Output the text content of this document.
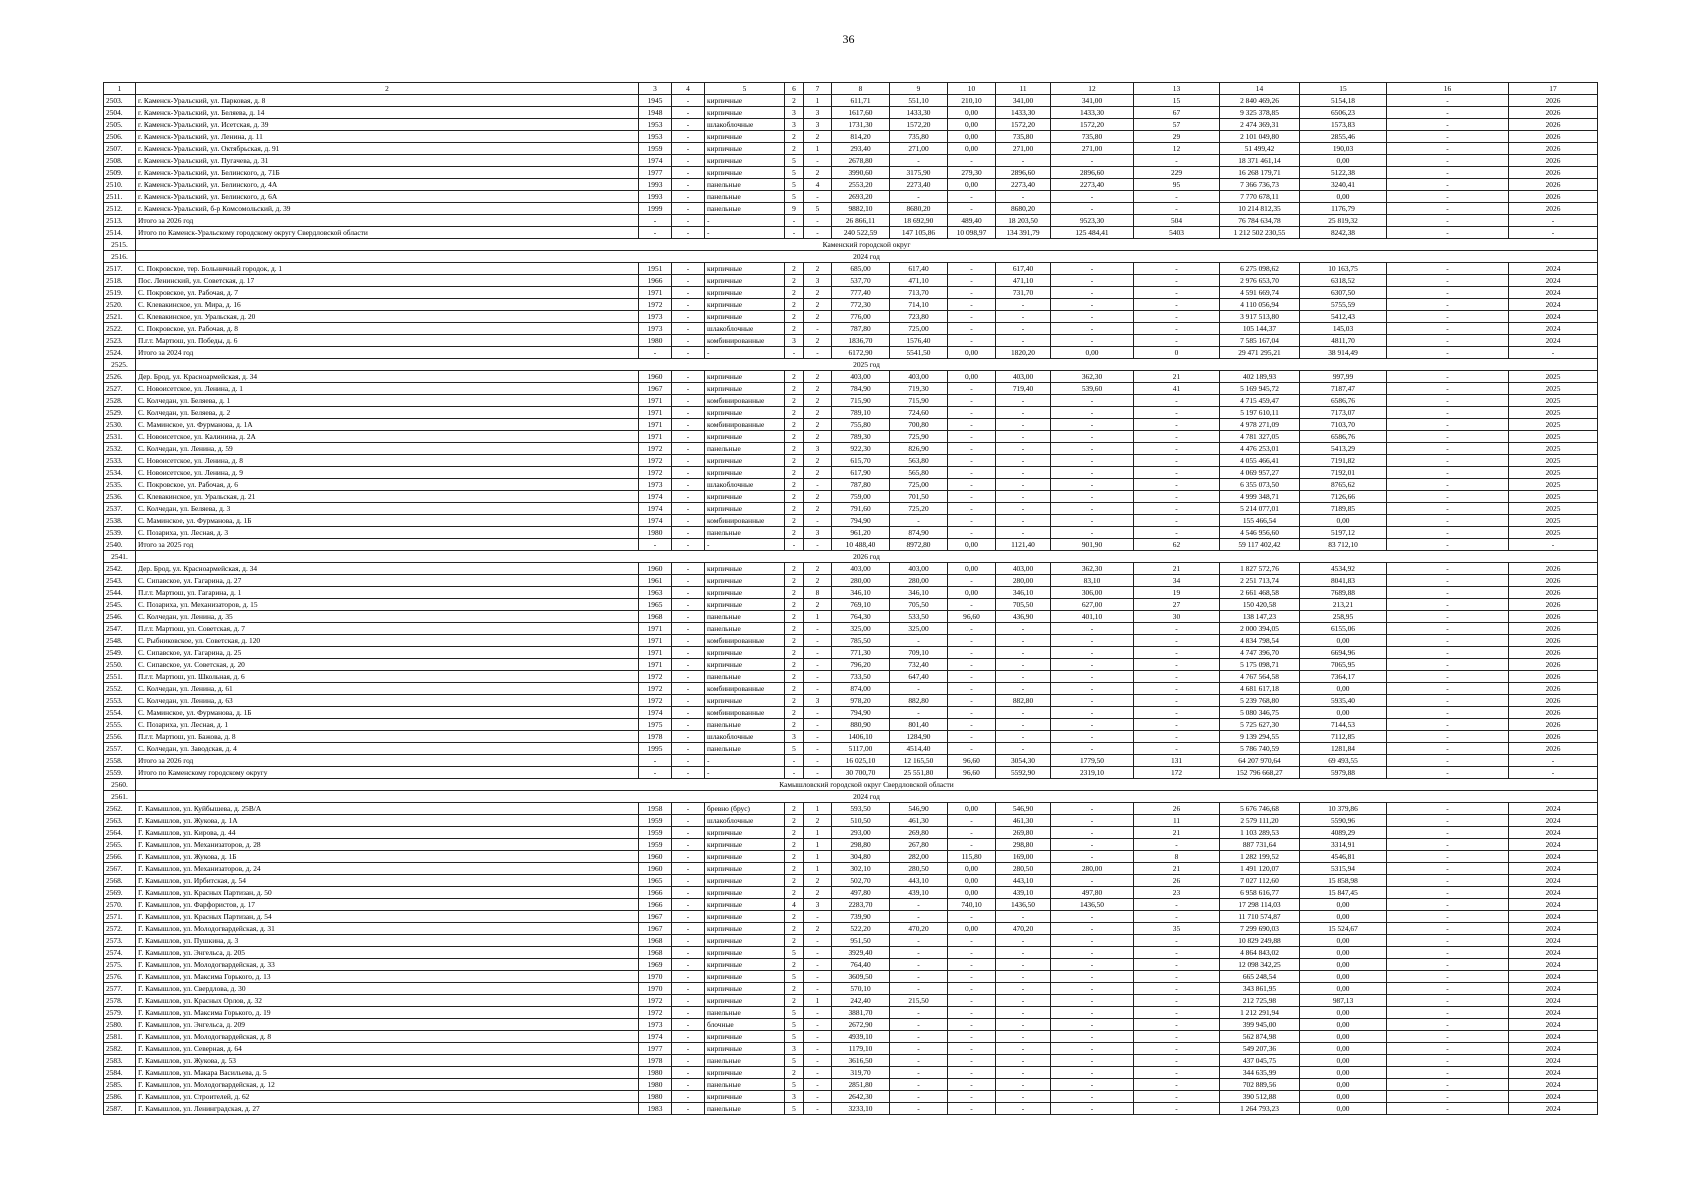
36
1	2	3	4	5	6	7	8	9	10	11	12	13	14	15	16	17
2503.	г. Каменск-Уральский, ул. Парковая, д. 8	1945	-	кирпичные	2	1	611,71	551,10	210,10	341,00	341,00	15	2 840 469,26	5154,18	-	2026
2504.	г. Каменск-Уральский, ул. Беляева, д. 14	1948	-	кирпичные	3	3	1617,60	1433,30	0,00	1433,30	1433,30	67	9 325 378,85	6506,23	-	2026
2505.	г. Каменск-Уральский, ул. Исетская, д. 39	1953	-	шлакоблочные	3	3	1731,30	1572,20	0,00	1572,20	1572,20	57	2 474 369,31	1573,83	-	2026
2506.	г. Каменск-Уральский, ул. Ленина, д. 11	1953	-	кирпичные	2	2	814,20	735,80	0,00	735,80	735,80	29	2 101 049,80	2855,46	-	2026
2507.	г. Каменск-Уральский, ул. Октябрьская, д. 91	1959	-	кирпичные	2	1	293,40	271,00	0,00	271,00	271,00	12	51 499,42	190,03	-	2026
2508.	г. Каменск-Уральский, ул. Пугачева, д. 31	1974	-	кирпичные	5	-	2678,80	-	-	-	-	-	18 371 461,14	0,00	-	2026
2509.	г. Каменск-Уральский, ул. Белинского, д. 71Б	1977	-	кирпичные	5	2	3990,60	3175,90	279,30	2896,60	2896,60	229	16 268 179,71	5122,38	-	2026
2510.	г. Каменск-Уральский, ул. Белинского, д. 4А	1993	-	панельные	5	4	2553,20	2273,40	0,00	2273,40	2273,40	95	7 366 736,73	3240,41	-	2026
2511.	г. Каменск-Уральский, ул. Белинского, д. 6А	1993	-	панельные	5	-	2693,20	-	-	-	-	-	7 770 678,11	0,00	-	2026
2512.	г. Каменск-Уральский, б-р Комсомольский, д. 39	1999	-	панельные	9	5	9882,10	8680,20	-	8680,20	-	-	10 214 812,35	1176,79	-	2026
2513.	Итого за 2026 год	-	-	-	-	-	26 866,11	18 692,90	489,40	18 203,50	9523,30	504	76 784 634,78	25 819,32	-	-
2514.	Итого по Каменск-Уральскому городскому округу Свердловской области	-	-	-	-	-	240 522,59	147 105,86	10 098,97	134 391,79	125 484,41	5403	1 212 502 230,55	8242,38	-	-
2515.	Каменский городской округ															
2516.	2024 год															
2517.	С. Покровское, тер. Больничный городок, д. 1	1951	-	кирпичные	2	2	685,00	617,40	-	617,40	-	-	6 275 098,62	10 163,75	-	2024
2518.	Пос. Ленинский, ул. Советская, д. 17	1966	-	кирпичные	2	3	537,70	471,10	-	471,10	-	-	2 976 653,70	6318,52	-	2024
2519.	С. Покровское, ул. Рабочая, д. 7	1971	-	кирпичные	2	2	777,40	713,70	-	731,70	-	-	4 591 669,74	6307,50	-	2024
2520.	С. Клевакинское, ул. Мира, д. 16	1972	-	кирпичные	2	2	772,30	714,10	-	-	-	-	4 110 056,94	5755,59	-	2024
2521.	С. Клевакинское, ул. Уральская, д. 20	1973	-	кирпичные	2	2	776,00	723,80	-	-	-	-	3 917 513,80	5412,43	-	2024
2522.	С. Покровское, ул. Рабочая, д. 8	1973	-	шлакоблочные	2	-	787,80	725,00	-	-	-	-	105 144,37	145,03	-	2024
2523.	П.г.т. Мартюш, ул. Победы, д. 6	1980	-	комбинированные	3	2	1836,70	1576,40	-	-	-	-	7 585 167,04	4811,70	-	2024
2524.	Итого за 2024 год	-	-	-	-	-	6172,90	5541,50	0,00	1820,20	0,00	0	29 471 295,21	38 914,49	-	-
2525.	2025 год															
2526.	Дер. Брод, ул. Красноармейская, д. 34	1960	-	кирпичные	2	2	403,00	403,00	0,00	403,00	362,30	21	402 189,93	997,99	-	2025
2527.	С. Новоисетское, ул. Ленина, д. 1	1967	-	кирпичные	2	2	784,90	719,30	-	719,40	539,60	41	5 169 945,72	7187,47	-	2025
2528.	С. Колчедан, ул. Беляева, д. 1	1971	-	комбинированные	2	2	715,90	715,90	-	-	-	-	4 715 459,47	6586,76	-	2025
2529.	С. Колчедан, ул. Беляева, д. 2	1971	-	кирпичные	2	2	789,10	724,60	-	-	-	-	5 197 610,11	7173,07	-	2025
2530.	С. Маминское, ул. Фурманова, д. 1А	1971	-	комбинированные	2	2	755,80	700,80	-	-	-	-	4 978 271,09	7103,70	-	2025
2531.	С. Новоисетское, ул. Калинина, д. 2А	1971	-	кирпичные	2	2	789,30	725,90	-	-	-	-	4 781 327,05	6586,76	-	2025
2532.	С. Колчедан, ул. Ленина, д. 59	1972	-	панельные	2	3	922,30	826,90	-	-	-	-	4 476 253,01	5413,29	-	2025
2533.	С. Новоисетское, ул. Ленина, д. 8	1972	-	кирпичные	2	2	615,70	563,80	-	-	-	-	4 055 466,41	7191,82	-	2025
2534.	С. Новоисетское, ул. Ленина, д. 9	1972	-	кирпичные	2	2	617,90	565,80	-	-	-	-	4 069 957,27	7192,01	-	2025
2535.	С. Покровское, ул. Рабочая, д. 6	1973	-	шлакоблочные	2	-	787,80	725,00	-	-	-	-	6 355 073,50	8765,62	-	2025
2536.	С. Клевакинское, ул. Уральская, д. 21	1974	-	кирпичные	2	2	759,00	701,50	-	-	-	-	4 999 348,71	7126,66	-	2025
2537.	С. Колчедан, ул. Беляева, д. 3	1974	-	кирпичные	2	2	791,60	725,20	-	-	-	-	5 214 077,01	7189,85	-	2025
2538.	С. Маминское, ул. Фурманова, д. 1Б	1974	-	комбинированные	2	-	794,90	-	-	-	-	-	155 466,54	0,00	-	2025
2539.	С. Позариха, ул. Лесная, д. 3	1980	-	панельные	2	3	961,20	874,90	-	-	-	-	4 546 956,60	5197,12	-	2025
2540.	Итого за 2025 год	-	-	-	-	-	10 488,40	8972,80	0,00	1121,40	901,90	62	59 117 402,42	83 712,10	-	-
2541.	2026 год															
2542.	Дер. Брод, ул. Красноармейская, д. 34	1960	-	кирпичные	2	2	403,00	403,00	0,00	403,00	362,30	21	1 827 572,76	4534,92	-	2026
2543.	С. Сипавское, ул. Гагарина, д. 27	1961	-	кирпичные	2	2	280,00	280,00	-	280,00	83,10	34	2 251 713,74	8041,83	-	2026
2544.	П.г.т. Мартюш, ул. Гагарина, д. 1	1963	-	кирпичные	2	8	346,10	346,10	0,00	346,10	306,00	19	2 661 468,58	7689,88	-	2026
2545.	С. Позариха, ул. Механизаторов, д. 15	1965	-	кирпичные	2	2	769,10	705,50	-	705,50	627,00	27	150 420,58	213,21	-	2026
2546.	С. Колчедан, ул. Ленина, д. 35	1968	-	панельные	2	1	764,30	533,50	96,60	436,90	401,10	30	138 147,23	258,95	-	2026
2547.	П.г.т. Мартюш, ул. Советская, д. 7	1971	-	панельные	2	-	325,00	325,00	-	-	-	-	2 000 394,05	6155,06	-	2026
2548.	С. Рыбниковское, ул. Советская, д. 120	1971	-	комбинированные	2	-	785,50	-	-	-	-	-	4 834 798,54	0,00	-	2026
2549.	С. Сипавское, ул. Гагарина, д. 25	1971	-	кирпичные	2	-	771,30	709,10	-	-	-	-	4 747 396,70	6694,96	-	2026
2550.	С. Сипавское, ул. Советская, д. 20	1971	-	кирпичные	2	-	796,20	732,40	-	-	-	-	5 175 098,71	7065,95	-	2026
2551.	П.г.т. Мартюш, ул. Школьная, д. 6	1972	-	панельные	2	-	733,50	647,40	-	-	-	-	4 767 564,58	7364,17	-	2026
2552.	С. Колчедан, ул. Ленина, д. 61	1972	-	комбинированные	2	-	874,00	-	-	-	-	-	4 681 617,18	0,00	-	2026
2553.	С. Колчедан, ул. Ленина, д. 63	1972	-	кирпичные	2	3	978,20	882,80	-	882,80	-	-	5 239 768,80	5935,40	-	2026
2554.	С. Маминское, ул. Фурманова, д. 1Б	1974	-	комбинированные	2	-	794,90	-	-	-	-	-	5 080 346,75	0,00	-	2026
2555.	С. Позариха, ул. Лесная, д. 1	1975	-	панельные	2	-	880,90	801,40	-	-	-	-	5 725 627,30	7144,53	-	2026
2556.	П.г.т. Мартюш, ул. Бажова, д. 8	1978	-	шлакоблочные	3	-	1406,10	1284,90	-	-	-	-	9 139 294,55	7112,85	-	2026
2557.	С. Колчедан, ул. Заводская, д. 4	1995	-	панельные	5	-	5117,00	4514,40	-	-	-	-	5 786 740,59	1281,84	-	2026
2558.	Итого за 2026 год	-	-	-	-	-	16 025,10	12 165,50	96,60	3054,30	1779,50	131	64 207 970,64	69 493,55	-	-
2559.	Итого по Каменскому городскому округу	-	-	-	-	-	30 700,70	25 551,80	96,60	5592,90	2319,10	172	152 796 668,27	5979,88	-	-
2560.	Камышловский городской округ Свердловской области															
2561.	2024 год															
2562.	Г. Камышлов, ул. Куйбышева, д. 25В/А	1958	-	бревно (брус)	2	1	593,50	546,90	0,00	546,90	-	26	5 676 746,68	10 379,86	-	2024
2563.	Г. Камышлов, ул. Жукова, д. 1А	1959	-	шлакоблочные	2	2	510,50	461,30	-	461,30	-	11	2 579 111,20	5590,96	-	2024
2564.	Г. Камышлов, ул. Кирова, д. 44	1959	-	кирпичные	2	1	293,00	269,80	-	269,80	-	21	1 103 289,53	4089,29	-	2024
2565.	Г. Камышлов, ул. Механизаторов, д. 28	1959	-	кирпичные	2	1	298,80	267,80	-	298,80	-	-	887 731,64	3314,91	-	2024
2566.	Г. Камышлов, ул. Жукова, д. 1Б	1960	-	кирпичные	2	1	304,80	282,00	115,80	169,00	-	8	1 282 199,52	4546,81	-	2024
2567.	Г. Камышлов, ул. Механизаторов, д. 24	1960	-	кирпичные	2	1	302,10	280,50	0,00	280,50	280,00	21	1 491 120,07	5315,94	-	2024
2568.	Г. Камышлов, ул. Ирбитская, д. 54	1965	-	кирпичные	2	2	502,70	443,10	0,00	443,10	-	26	7 027 112,60	15 858,98	-	2024
2569.	Г. Камышлов, ул. Красных Партизан, д. 50	1966	-	кирпичные	2	2	497,80	439,10	0,00	439,10	497,80	23	6 958 616,77	15 847,45	-	2024
2570.	Г. Камышлов, ул. Фарфористов, д. 17	1966	-	кирпичные	4	3	2283,70	-	740,10	1436,50	1436,50	-	17 298 114,03	0,00	-	2024
2571.	Г. Камышлов, ул. Красных Партизан, д. 54	1967	-	кирпичные	2	-	739,90	-	-	-	-	-	11 710 574,87	0,00	-	2024
2572.	Г. Камышлов, ул. Молодогвардейская, д. 31	1967	-	кирпичные	2	2	522,20	470,20	0,00	470,20	-	35	7 299 690,03	15 524,67	-	2024
2573.	Г. Камышлов, ул. Пушкина, д. 3	1968	-	кирпичные	2	-	951,50	-	-	-	-	-	10 829 249,88	0,00	-	2024
2574.	Г. Камышлов, ул. Энгельса, д. 205	1968	-	кирпичные	5	-	3929,40	-	-	-	-	-	4 864 843,02	0,00	-	2024
2575.	Г. Камышлов, ул. Молодогвардейская, д. 33	1969	-	кирпичные	2	-	764,40	-	-	-	-	-	12 098 342,25	0,00	-	2024
2576.	Г. Камышлов, ул. Максима Горького, д. 13	1970	-	кирпичные	5	-	3609,50	-	-	-	-	-	665 248,54	0,00	-	2024
2577.	Г. Камышлов, ул. Свердлова, д. 30	1970	-	кирпичные	2	-	570,10	-	-	-	-	-	343 861,95	0,00	-	2024
2578.	Г. Камышлов, ул. Красных Орлов, д. 32	1972	-	кирпичные	2	1	242,40	215,50	-	-	-	-	212 725,98	987,13	-	2024
2579.	Г. Камышлов, ул. Максима Горького, д. 19	1972	-	панельные	5	-	3881,70	-	-	-	-	-	1 212 291,94	0,00	-	2024
2580.	Г. Камышлов, ул. Энгельса, д. 209	1973	-	блочные	5	-	2672,90	-	-	-	-	-	399 945,00	0,00	-	2024
2581.	Г. Камышлов, ул. Молодогвардейская, д. 8	1974	-	кирпичные	5	-	4939,10	-	-	-	-	-	562 874,98	0,00	-	2024
2582.	Г. Камышлов, ул. Северная, д. 64	1977	-	кирпичные	3	-	1179,10	-	-	-	-	-	549 207,36	0,00	-	2024
2583.	Г. Камышлов, ул. Жукова, д. 53	1978	-	панельные	5	-	3616,50	-	-	-	-	-	437 045,75	0,00	-	2024
2584.	Г. Камышлов, ул. Макара Васильева, д. 5	1980	-	кирпичные	2	-	319,70	-	-	-	-	-	344 635,99	0,00	-	2024
2585.	Г. Камышлов, ул. Молодогвардейская, д. 12	1980	-	панельные	5	-	2851,80	-	-	-	-	-	702 889,56	0,00	-	2024
2586.	Г. Камышлов, ул. Строителей, д. 62	1980	-	кирпичные	3	-	2642,30	-	-	-	-	-	390 512,88	0,00	-	2024
2587.	Г. Камышлов, ул. Ленинградская, д. 27	1983	-	панельные	5	-	3233,10	-	-	-	-	-	1 264 793,23	0,00	-	2024
